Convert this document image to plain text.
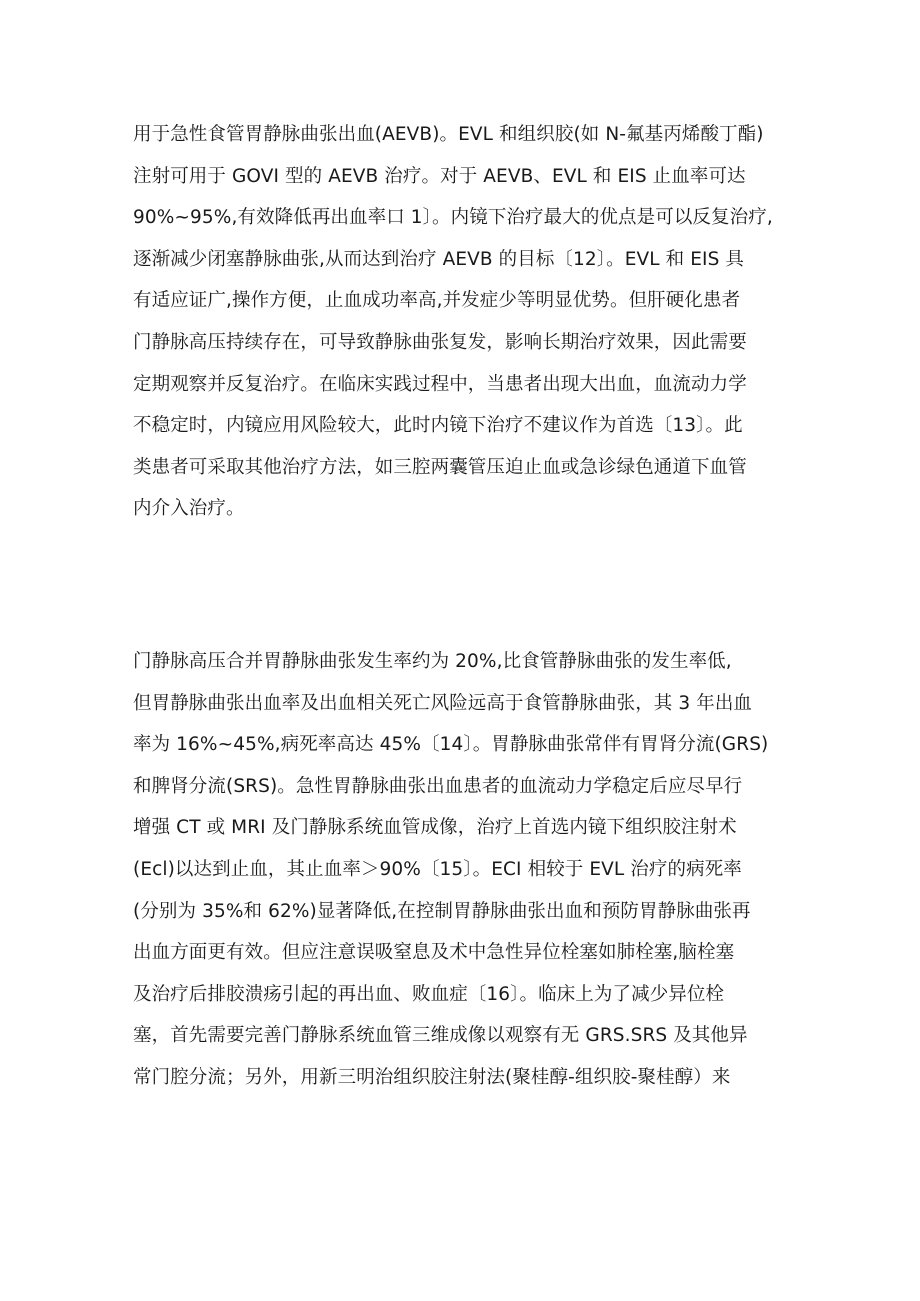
用于急性食管胃静脉曲张出血(AEVB)。EVL 和组织胶(如 N-氟基丙烯酸丁酯)
注射可用于 GOVI 型的 AEVB 治疗。对于 AEVB、EVL 和 EIS 止血率可达
90%~95%,有效降低再出血率口 1〕。内镜下治疗最大的优点是可以反复治疗,
逐渐减少闭塞静脉曲张,从而达到治疗 AEVB 的目标〔12〕。EVL 和 EIS 具
有适应证广,操作方便，止血成功率高,并发症少等明显优势。但肝硬化患者
门静脉高压持续存在，可导致静脉曲张复发，影响长期治疗效果，因此需要
定期观察并反复治疗。在临床实践过程中，当患者出现大出血，血流动力学
不稳定时，内镜应用风险较大，此时内镜下治疗不建议作为首选〔13〕。此
类患者可采取其他治疗方法，如三腔两囊管压迫止血或急诊绿色通道下血管
内介入治疗。
门静脉高压合并胃静脉曲张发生率约为 20%,比食管静脉曲张的发生率低,
但胃静脉曲张出血率及出血相关死亡风险远高于食管静脉曲张，其 3 年出血
率为 16%~45%,病死率高达 45%〔14〕。胃静脉曲张常伴有胃肾分流(GRS)
和脾肾分流(SRS)。急性胃静脉曲张出血患者的血流动力学稳定后应尽早行
增强 CT 或 MRI 及门静脉系统血管成像，治疗上首选内镜下组织胶注射术
(Ecl)以达到止血，其止血率＞90%〔15〕。ECI 相较于 EVL 治疗的病死率
(分别为 35%和 62%)显著降低,在控制胃静脉曲张出血和预防胃静脉曲张再
出血方面更有效。但应注意误吸窒息及术中急性异位栓塞如肺栓塞,脑栓塞
及治疗后排胶溃疡引起的再出血、败血症〔16〕。临床上为了减少异位栓
塞，首先需要完善门静脉系统血管三维成像以观察有无 GRS.SRS 及其他异
常门腔分流；另外，用新三明治组织胶注射法(聚桂醇-组织胶-聚桂醇）来
